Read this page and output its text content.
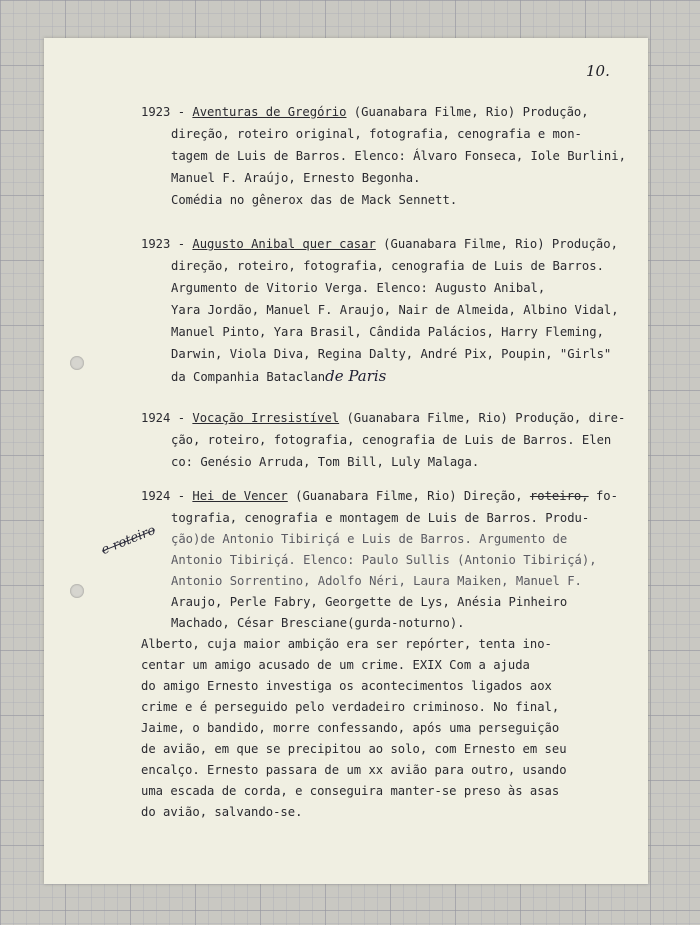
10.

1923 - Aventuras de Gregório (Guanabara Filme, Rio) Produção,

direção, roteiro original, fotografia, cenografia e mon-

tagem de Luis de Barros. Elenco: Álvaro Fonseca, Iole Burlini,

Manuel F. Araújo, Ernesto Begonha.

Comédia no gênerox das de Mack Sennett.

1923 - Augusto Anibal quer casar (Guanabara Filme, Rio) Produção,

direção, roteiro, fotografia, cenografia de Luis de Barros.

Argumento de Vitorio Verga. Elenco: Augusto Anibal,

Yara Jordão, Manuel F. Araujo, Nair de Almeida, Albino Vidal,

Manuel Pinto, Yara Brasil, Cândida Palácios, Harry Fleming,

Darwin, Viola Diva, Regina Dalty, André Pix, Poupin, "Girls"

da Companhia Bataclande Paris

1924 - Vocação Irresistível (Guanabara Filme, Rio) Produção, dire-

ção, roteiro, fotografia, cenografia de Luis de Barros. Elen

co: Genésio Arruda, Tom Bill, Luly Malaga.

1924 - Hei de Vencer (Guanabara Filme, Rio) Direção, roteiro, fo-

tografia, cenografia e montagem de Luis de Barros. Produ-

ção)de Antonio Tibiriçá e Luis de Barros. Argumento de

Antonio Tibiriçá. Elenco: Paulo Sullis (Antonio Tibiriçá),

Antonio Sorrentino, Adolfo Néri, Laura Maiken, Manuel F.

Araujo, Perle Fabry, Georgette de Lys, Anésia Pinheiro

Machado, César Bresciane(gurda-noturno).

Alberto, cuja maior ambição era ser repórter, tenta ino-

centar um amigo acusado de um crime. EXIX Com a ajuda

do amigo Ernesto investiga os acontecimentos ligados aox

crime e é perseguido pelo verdadeiro criminoso. No final,

Jaime, o bandido, morre confessando, após uma perseguição

de avião, em que se precipitou ao solo, com Ernesto em seu

encalço. Ernesto passara de um xx avião para outro, usando

uma escada de corda, e conseguira manter-se preso às asas

do avião, salvando-se.

e roteiro
